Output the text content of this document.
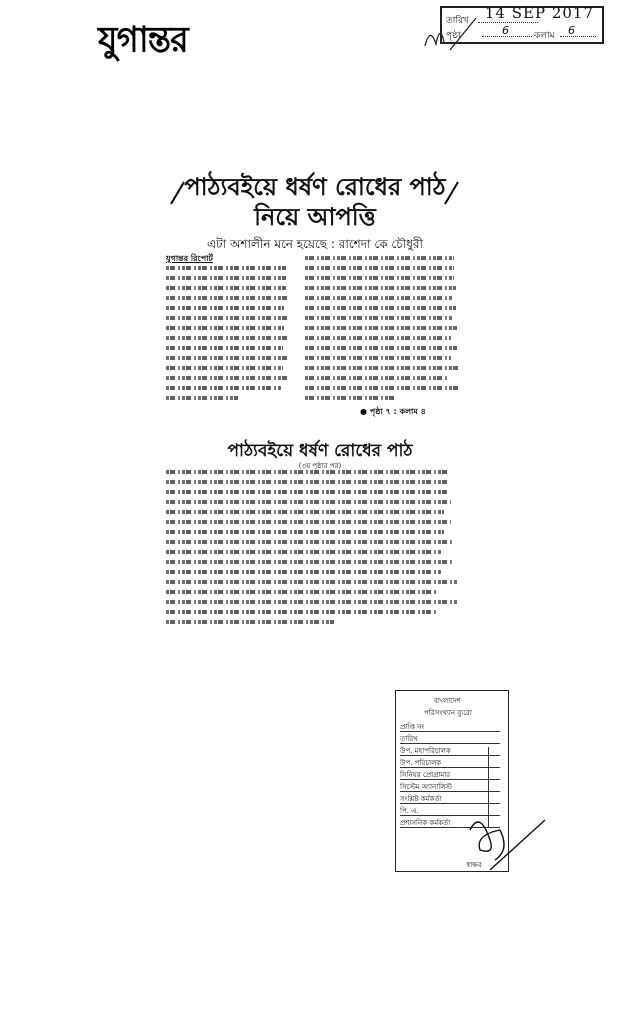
যুগান্তর	তারিখ 14 SEP 2017
পৃষ্ঠা	6	কলাম 6
পাঠ্যবইয়ে ধর্ষণ রোধের পাঠ নিয়ে আপত্তি
এটা অশালীন মনে হয়েছে : রাশেদা কে চৌধুরী
যুগান্তর রিপোর্ট
● পৃষ্ঠা ৭ : কলাম ৪
পাঠ্যবইয়ে ধর্ষণ রোধের পাঠ
(৩য় পৃষ্ঠার পর)
বাংলাদেশ
পরিসংখ্যান ব্যুরো
প্রাপ্তি নং
তারিখ
উপ. মহাপরিচালক
উপ. পরিচালক
সিনিয়র প্রোগ্রামার
সিস্টেম অ্যানালিস্ট
সংশ্লিষ্ট কর্মকর্তা
পি. এ.
প্রশাসনিক কর্মকর্তা
স্বাক্ষর
